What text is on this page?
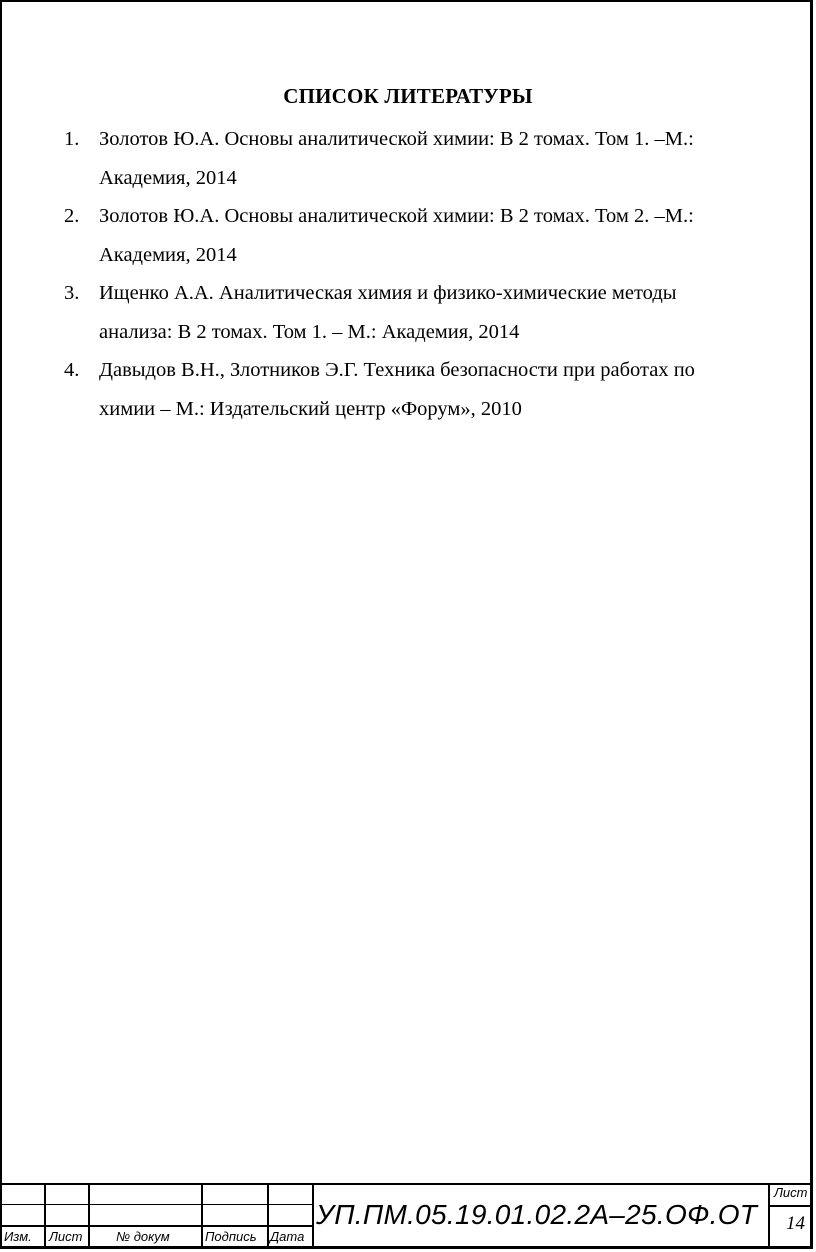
СПИСОК ЛИТЕРАТУРЫ
1. Золотов Ю.А. Основы аналитической химии: В 2 томах. Том 1. –М.:
Академия, 2014
2. Золотов Ю.А. Основы аналитической химии: В 2 томах. Том 2. –М.:
Академия, 2014
3. Ищенко А.А. Аналитическая химия и физико-химические методы
анализа: В 2 томах. Том 1. – М.: Академия, 2014
4. Давыдов В.Н., Злотников Э.Г. Техника безопасности при работах по
химии – М.: Издательский центр «Форум», 2010
Изм. Лист	№ докум	Подпись Дата
УП.ПМ.05.19.01.02.2А–25.ОФ.ОТ
Лист
14
